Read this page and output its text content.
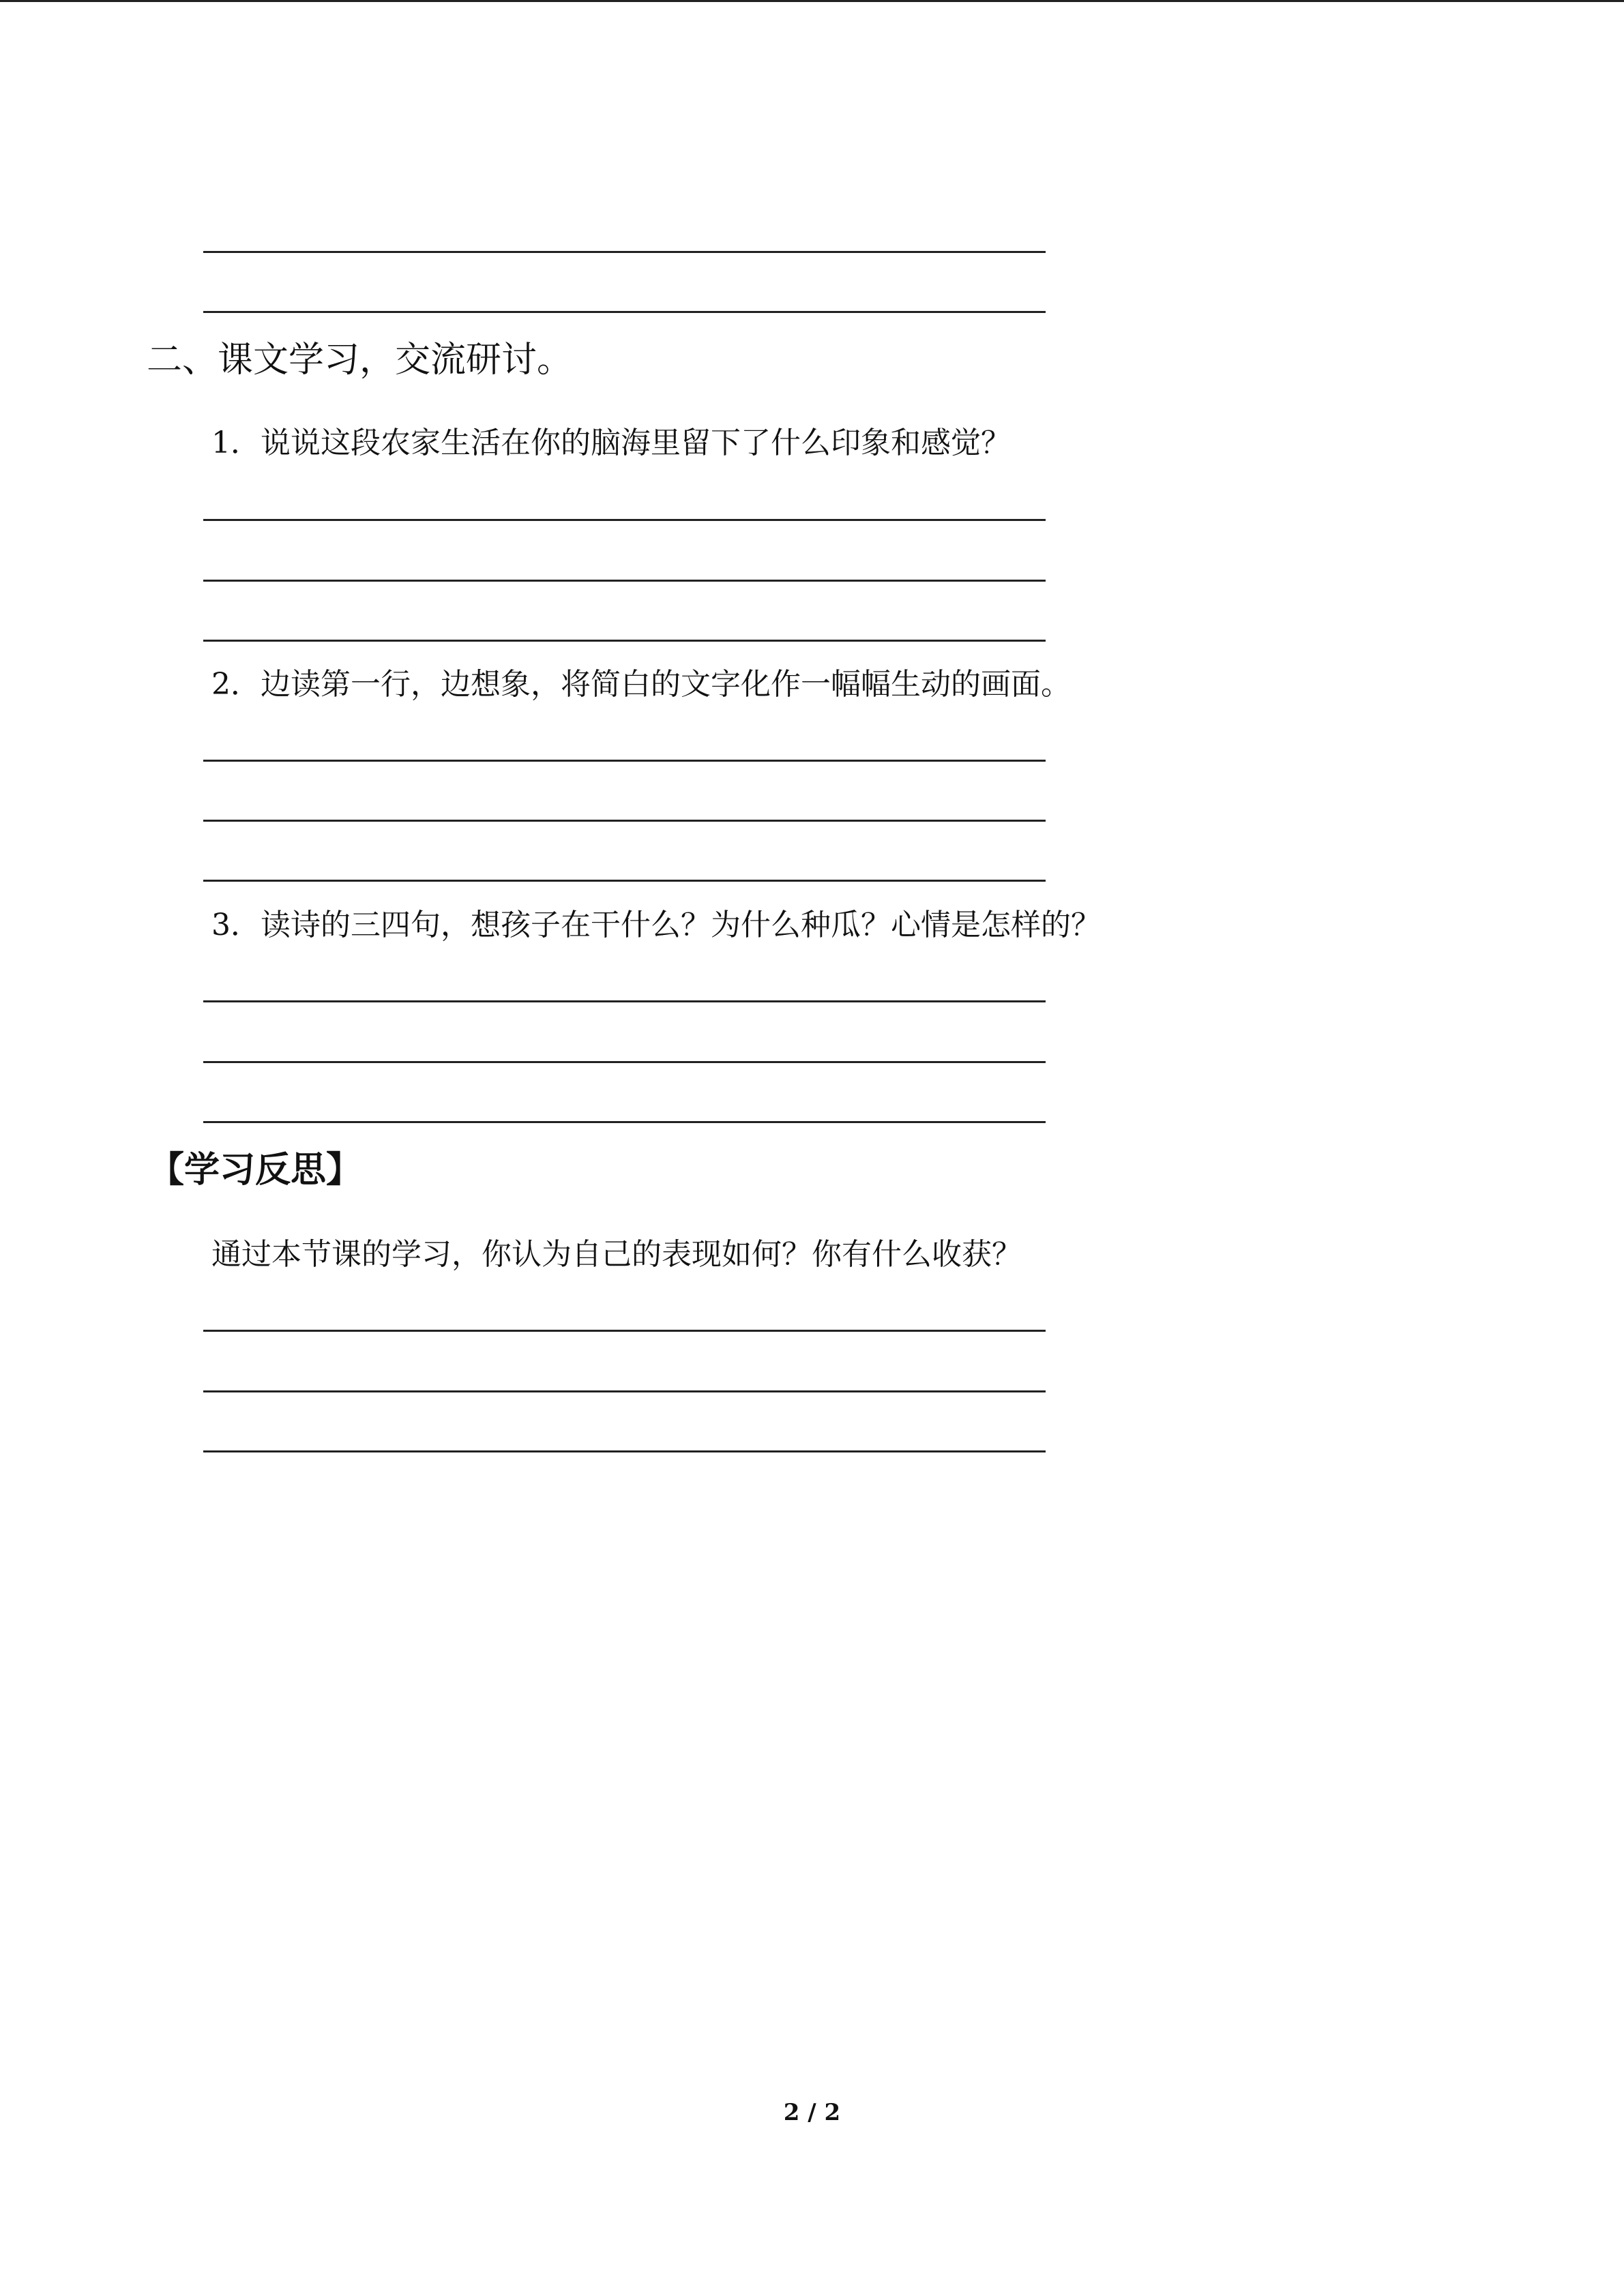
二、课文学习，交流研讨。
1．说说这段农家生活在你的脑海里留下了什么印象和感觉？
2．边读第一行，边想象，将简白的文字化作一幅幅生动的画面。
3．读诗的三四句，想孩子在干什么？为什么种瓜？心情是怎样的？
【学习反思】
通过本节课的学习，你认为自己的表现如何？你有什么收获？
2 / 2
